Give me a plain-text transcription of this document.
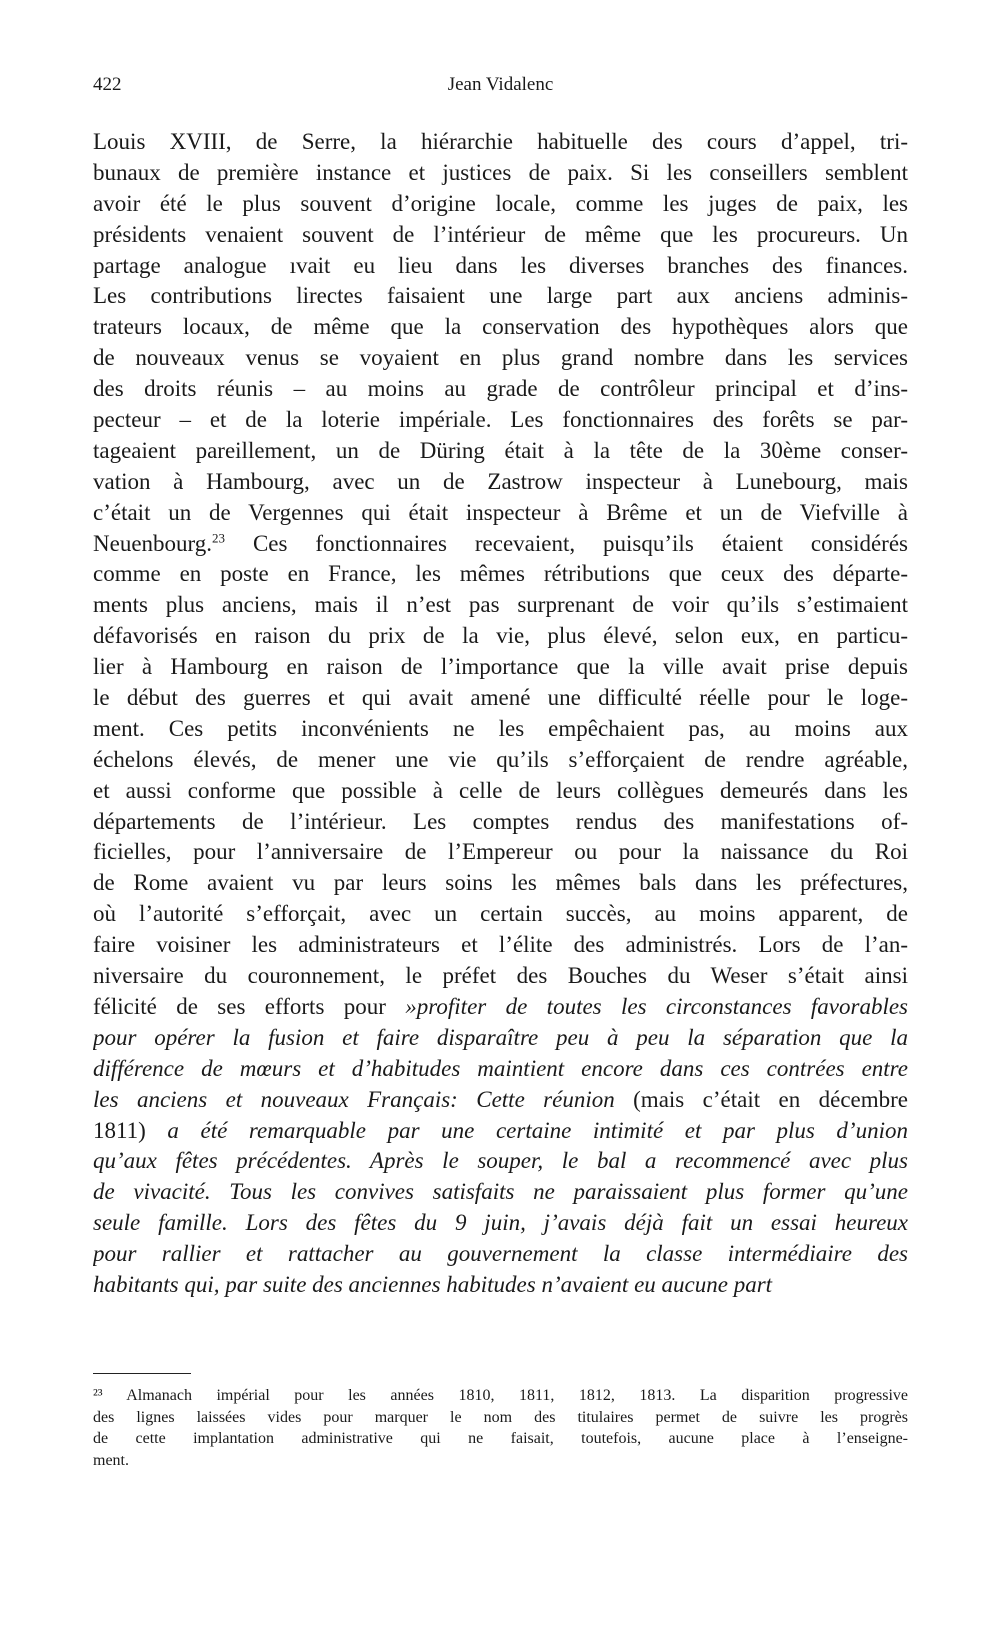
422	Jean Vidalenc
Louis XVIII, de Serre, la hiérarchie habituelle des cours d’appel, tri-
bunaux de première instance et justices de paix. Si les conseillers semblent
avoir été le plus souvent d’origine locale, comme les juges de paix, les
présidents venaient souvent de l’intérieur de même que les procureurs. Un
partage analogue ıvait eu lieu dans les diverses branches des finances.
Les contributions lirectes faisaient une large part aux anciens adminis-
trateurs locaux, de même que la conservation des hypothèques alors que
de nouveaux venus se voyaient en plus grand nombre dans les services
des droits réunis – au moins au grade de contrôleur principal et d’ins-
pecteur – et de la loterie impériale. Les fonctionnaires des forêts se par-
tageaient pareillement, un de Düring était à la tête de la 30ème conser-
vation à Hambourg, avec un de Zastrow inspecteur à Lunebourg, mais
c’était un de Vergennes qui était inspecteur à Brême et un de Viefville à
Neuenbourg.$^{23}$ Ces fonctionnaires recevaient, puisqu’ils étaient considérés
comme en poste en France, les mêmes rétributions que ceux des départe-
ments plus anciens, mais il n’est pas surprenant de voir qu’ils s’estimaient
défavorisés en raison du prix de la vie, plus élevé, selon eux, en particu-
lier à Hambourg en raison de l’importance que la ville avait prise depuis
le début des guerres et qui avait amené une difficulté réelle pour le loge-
ment. Ces petits inconvénients ne les empêchaient pas, au moins aux
échelons élevés, de mener une vie qu’ils s’efforçaient de rendre agréable,
et aussi conforme que possible à celle de leurs collègues demeurés dans les
départements de l’intérieur. Les comptes rendus des manifestations of-
ficielles, pour l’anniversaire de l’Empereur ou pour la naissance du Roi
de Rome avaient vu par leurs soins les mêmes bals dans les préfectures,
où l’autorité s’efforçait, avec un certain succès, au moins apparent, de
faire voisiner les administrateurs et l’élite des administrés. Lors de l’an-
niversaire du couronnement, le préfet des Bouches du Weser s’était ainsi
félicité de ses efforts pour »profiter de toutes les circonstances favorables
pour opérer la fusion et faire disparaître peu à peu la séparation que la
différence de mœurs et d’habitudes maintient encore dans ces contrées entre
les anciens et nouveaux Français: Cette réunion (mais c’était en décembre
1811) a été remarquable par une certaine intimité et par plus d’union
qu’aux fêtes précédentes. Après le souper, le bal a recommencé avec plus
de vivacité. Tous les convives satisfaits ne paraissaient plus former qu’une
seule famille. Lors des fêtes du 9 juin, j’avais déjà fait un essai heureux
pour rallier et rattacher au gouvernement la classe intermédiaire des
habitants qui, par suite des anciennes habitudes n’avaient eu aucune part
²³ Almanach impérial pour les années 1810, 1811, 1812, 1813. La disparition progressive
des lignes laissées vides pour marquer le nom des titulaires permet de suivre les progrès
de cette implantation administrative qui ne faisait, toutefois, aucune place à l’enseigne-
ment.
